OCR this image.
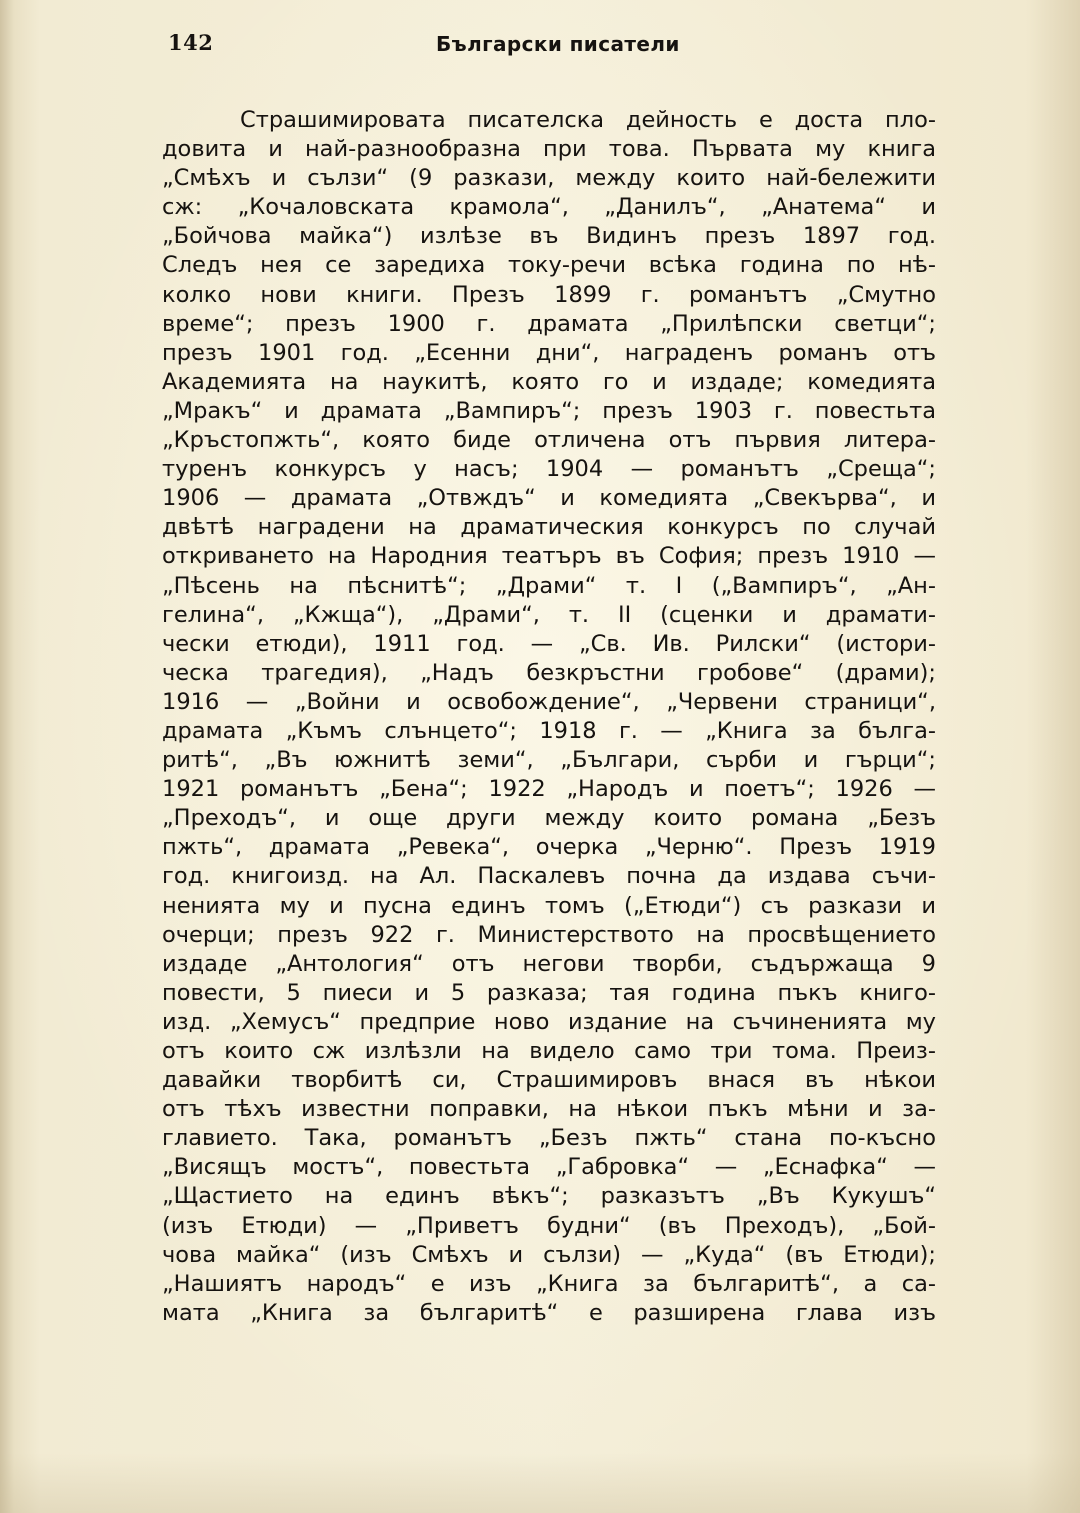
142	Български писатели
Страшимировата писателска дейность е доста пло-
довита и най-разнообразна при това. Първата му книга
„Смѣхъ и сълзи“ (9 разкази, между които най-бележити
сж: „Кочаловската крамола“, „Данилъ“, „Анатема“ и
„Бойчова майка“) излѣзе въ Видинъ презъ 1897 год.
Следъ нея се заредиха току-речи всѣка година по нѣ-
колко нови книги. Презъ 1899 г. романътъ „Смутно
време“; презъ 1900 г. драмата „Прилѣпски светци“;
презъ 1901 год. „Есенни дни“, награденъ романъ отъ
Академията на наукитѣ, която го и издаде; комедията
„Мракъ“ и драмата „Вампиръ“; презъ 1903 г. повестьта
„Кръстопжть“, която биде отличена отъ първия литера-
туренъ конкурсъ у насъ; 1904 — романътъ „Среща“;
1906 — драмата „Отвждъ“ и комедията „Свекърва“, и
двѣтѣ наградени на драматическия конкурсъ по случай
откриването на Народния театъръ въ София; презъ 1910 —
„Пѣсень на пѣснитѣ“; „Драми“ т. I („Вампиръ“, „Ан-
гелина“, „Кжща“), „Драми“, т. II (сценки и драмати-
чески етюди), 1911 год. — „Св. Ив. Рилски“ (истори-
ческа трагедия), „Надъ безкръстни гробове“ (драми);
1916 — „Войни и освобождение“, „Червени страници“,
драмата „Къмъ слънцето“; 1918 г. — „Книга за бълга-
ритѣ“, „Въ южнитѣ земи“, „Българи, сърби и гърци“;
1921 романътъ „Бена“; 1922 „Народъ и поетъ“; 1926 —
„Преходъ“, и още други между които романа „Безъ
пжть“, драмата „Ревека“, очерка „Черню“. Презъ 1919
год. книгоизд. на Ал. Паскалевъ почна да издава съчи-
ненията му и пусна единъ томъ („Етюди“) съ разкази и
очерци; презъ 922 г. Министерството на просвѣщението
издаде „Антология“ отъ негови творби, съдържаща 9
повести, 5 пиеси и 5 разказа; тая година пъкъ книго-
изд. „Хемусъ“ предприе ново издание на съчиненията му
отъ които сж излѣзли на видело само три тома. Преиз-
давайки творбитѣ си, Страшимировъ внася въ нѣкои
отъ тѣхъ известни поправки, на нѣкои пъкъ мѣни и за-
главието. Така, романътъ „Безъ пжть“ стана по-късно
„Висящъ мостъ“, повестьта „Габровка“ — „Еснафка“ —
„Щастието на единъ вѣкъ“; разказътъ „Въ Кукушъ“
(изъ Етюди) — „Приветъ будни“ (въ Преходъ), „Бой-
чова майка“ (изъ Смѣхъ и сълзи) — „Куда“ (въ Етюди);
„Нашиятъ народъ“ е изъ „Книга за българитѣ“, а са-
мата „Книга за българитѣ“ е разширена глава изъ
